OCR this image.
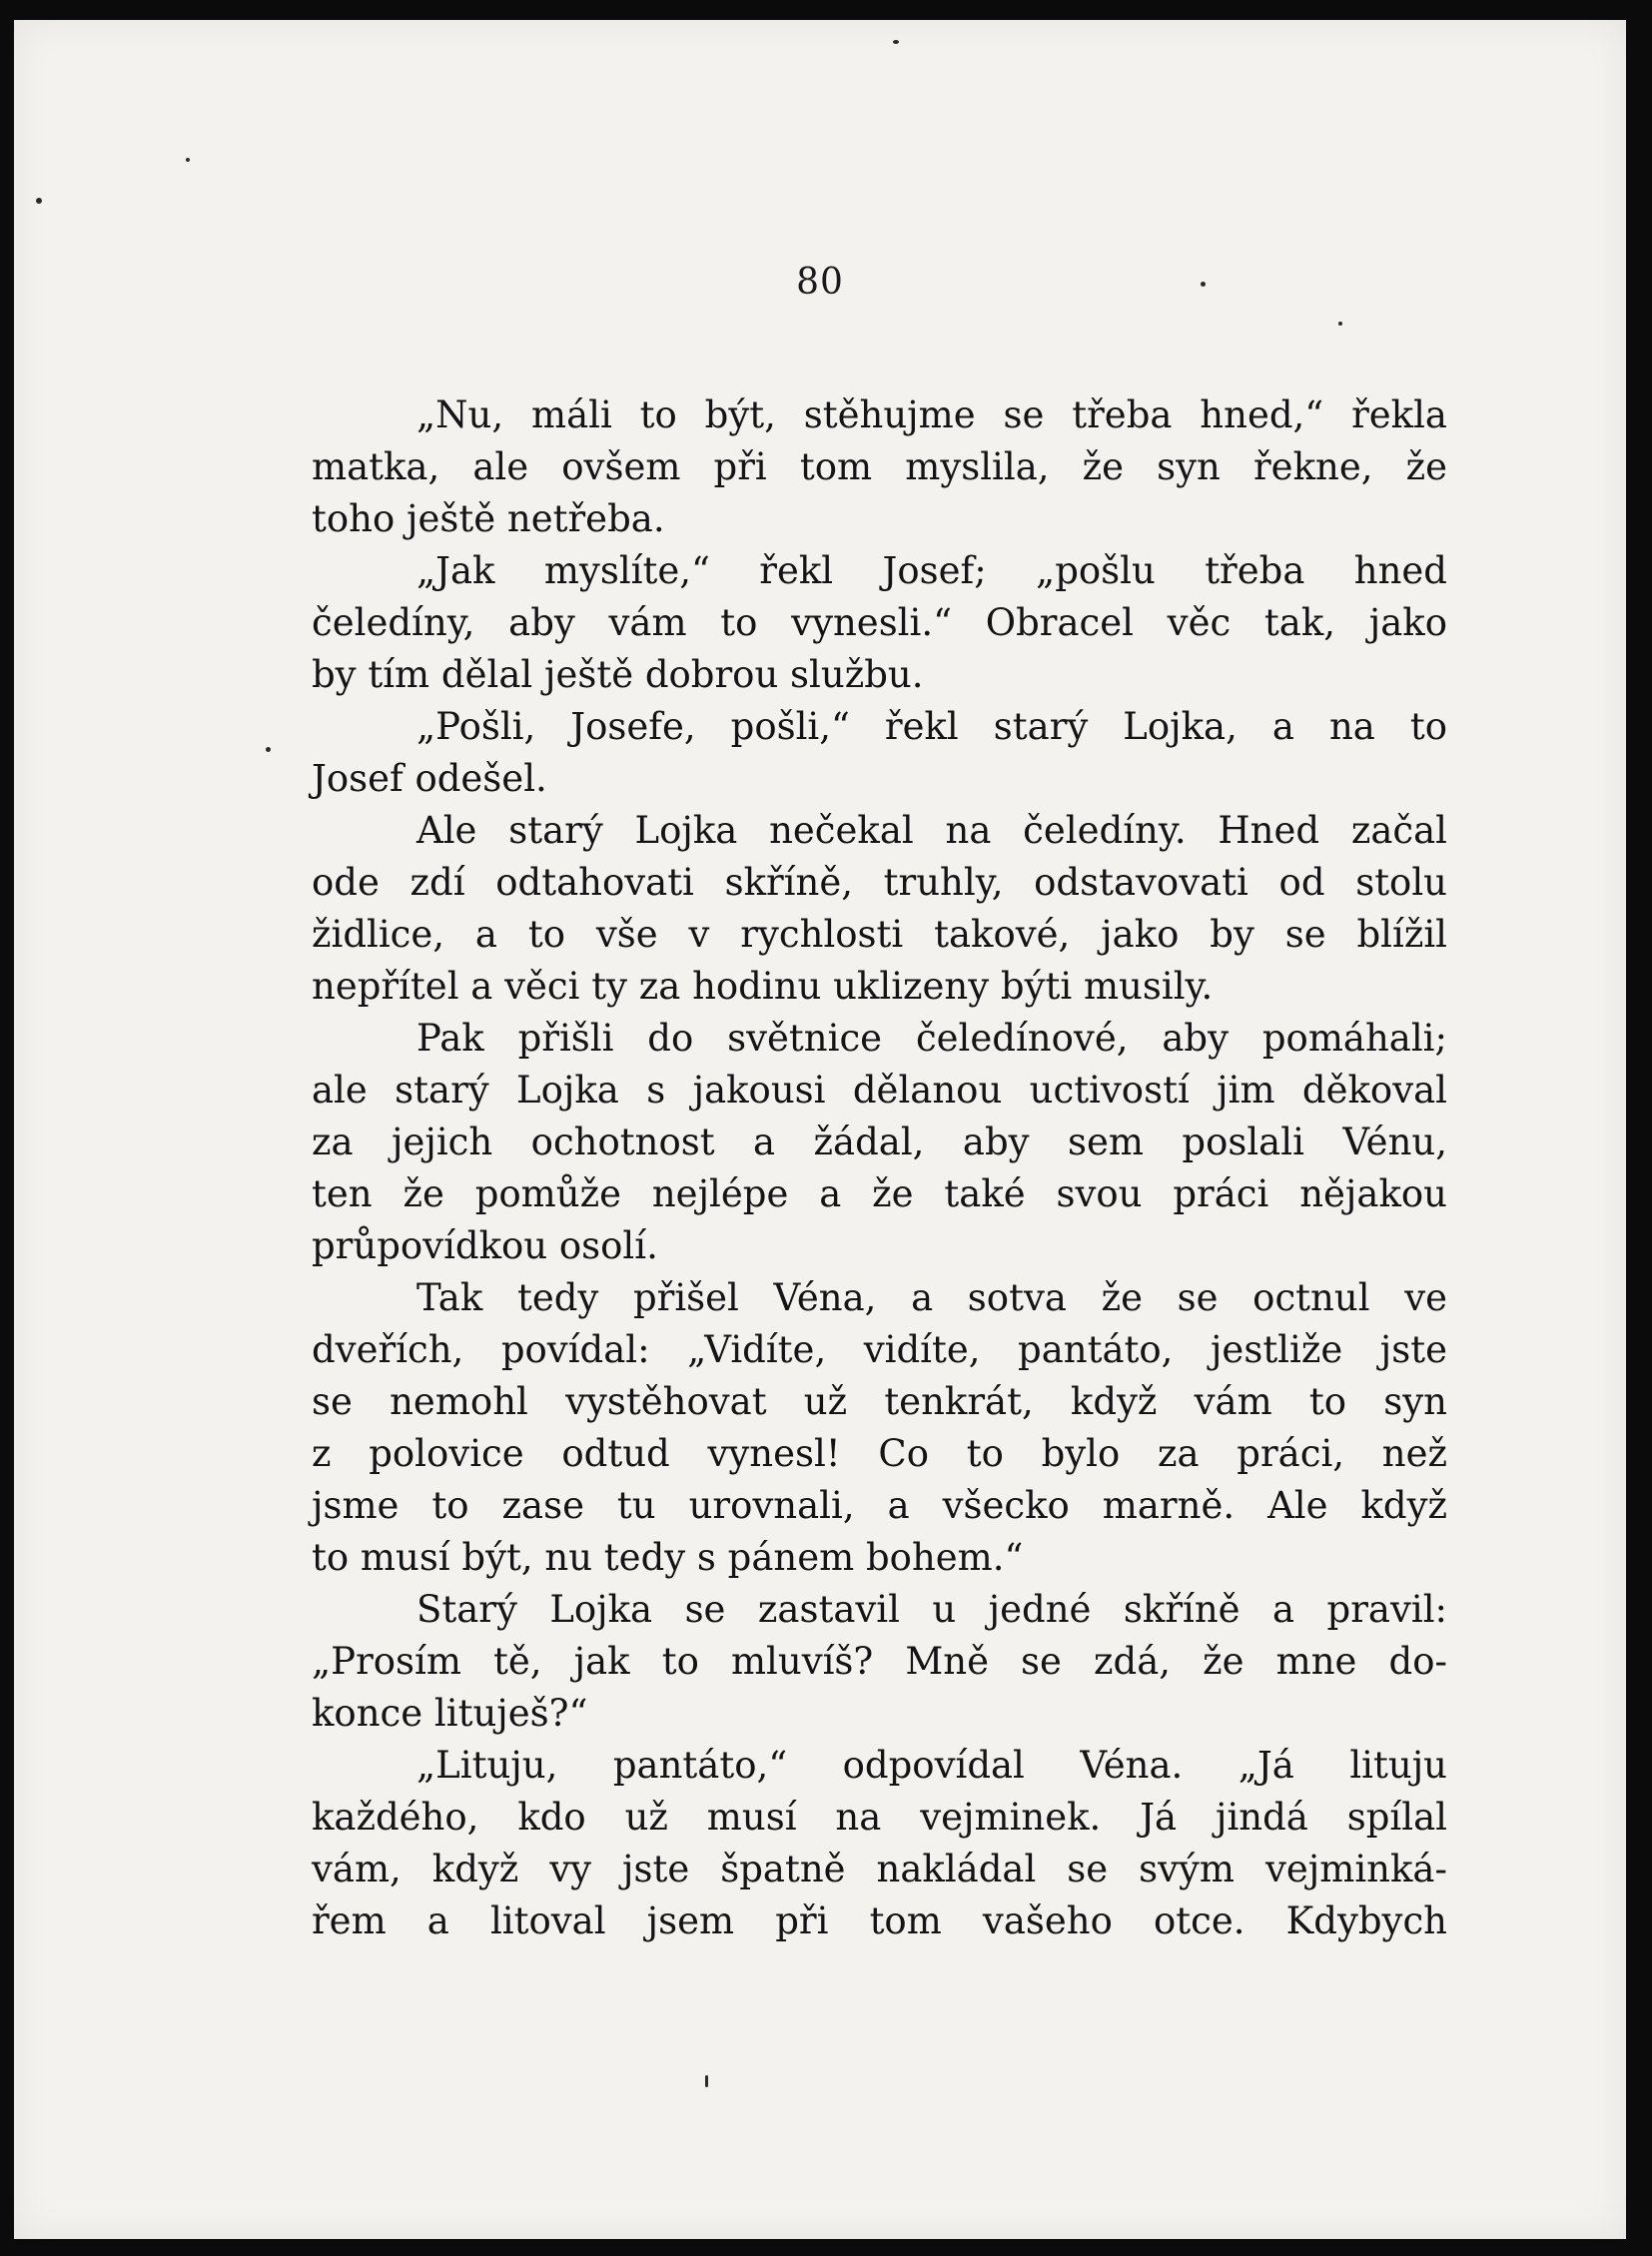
80
„Nu, máli to být, stěhujme se třeba hned,“ řekla
matka, ale ovšem při tom myslila, že syn řekne, že
toho ještě netřeba.
„Jak myslíte,“ řekl Josef; „pošlu třeba hned
čeledíny, aby vám to vynesli.“ Obracel věc tak, jako
by tím dělal ještě dobrou službu.
„Pošli, Josefe, pošli,“ řekl starý Lojka, a na to
Josef odešel.
Ale starý Lojka nečekal na čeledíny. Hned začal
ode zdí odtahovati skříně, truhly, odstavovati od stolu
židlice, a to vše v rychlosti takové, jako by se blížil
nepřítel a věci ty za hodinu uklizeny býti musily.
Pak přišli do světnice čeledínové, aby pomáhali;
ale starý Lojka s jakousi dělanou uctivostí jim děkoval
za jejich ochotnost a žádal, aby sem poslali Vénu,
ten že pomůže nejlépe a že také svou práci nějakou
průpovídkou osolí.
Tak tedy přišel Véna, a sotva že se octnul ve
dveřích, povídal: „Vidíte, vidíte, pantáto, jestliže jste
se nemohl vystěhovat už tenkrát, když vám to syn
z polovice odtud vynesl! Co to bylo za práci, než
jsme to zase tu urovnali, a všecko marně. Ale když
to musí být, nu tedy s pánem bohem.“
Starý Lojka se zastavil u jedné skříně a pravil:
„Prosím tě, jak to mluvíš? Mně se zdá, že mne do-
konce lituješ?“
„Lituju, pantáto,“ odpovídal Véna. „Já lituju
každého, kdo už musí na vejminek. Já jindá spílal
vám, když vy jste špatně nakládal se svým vejminká-
řem a litoval jsem při tom vašeho otce. Kdybych
